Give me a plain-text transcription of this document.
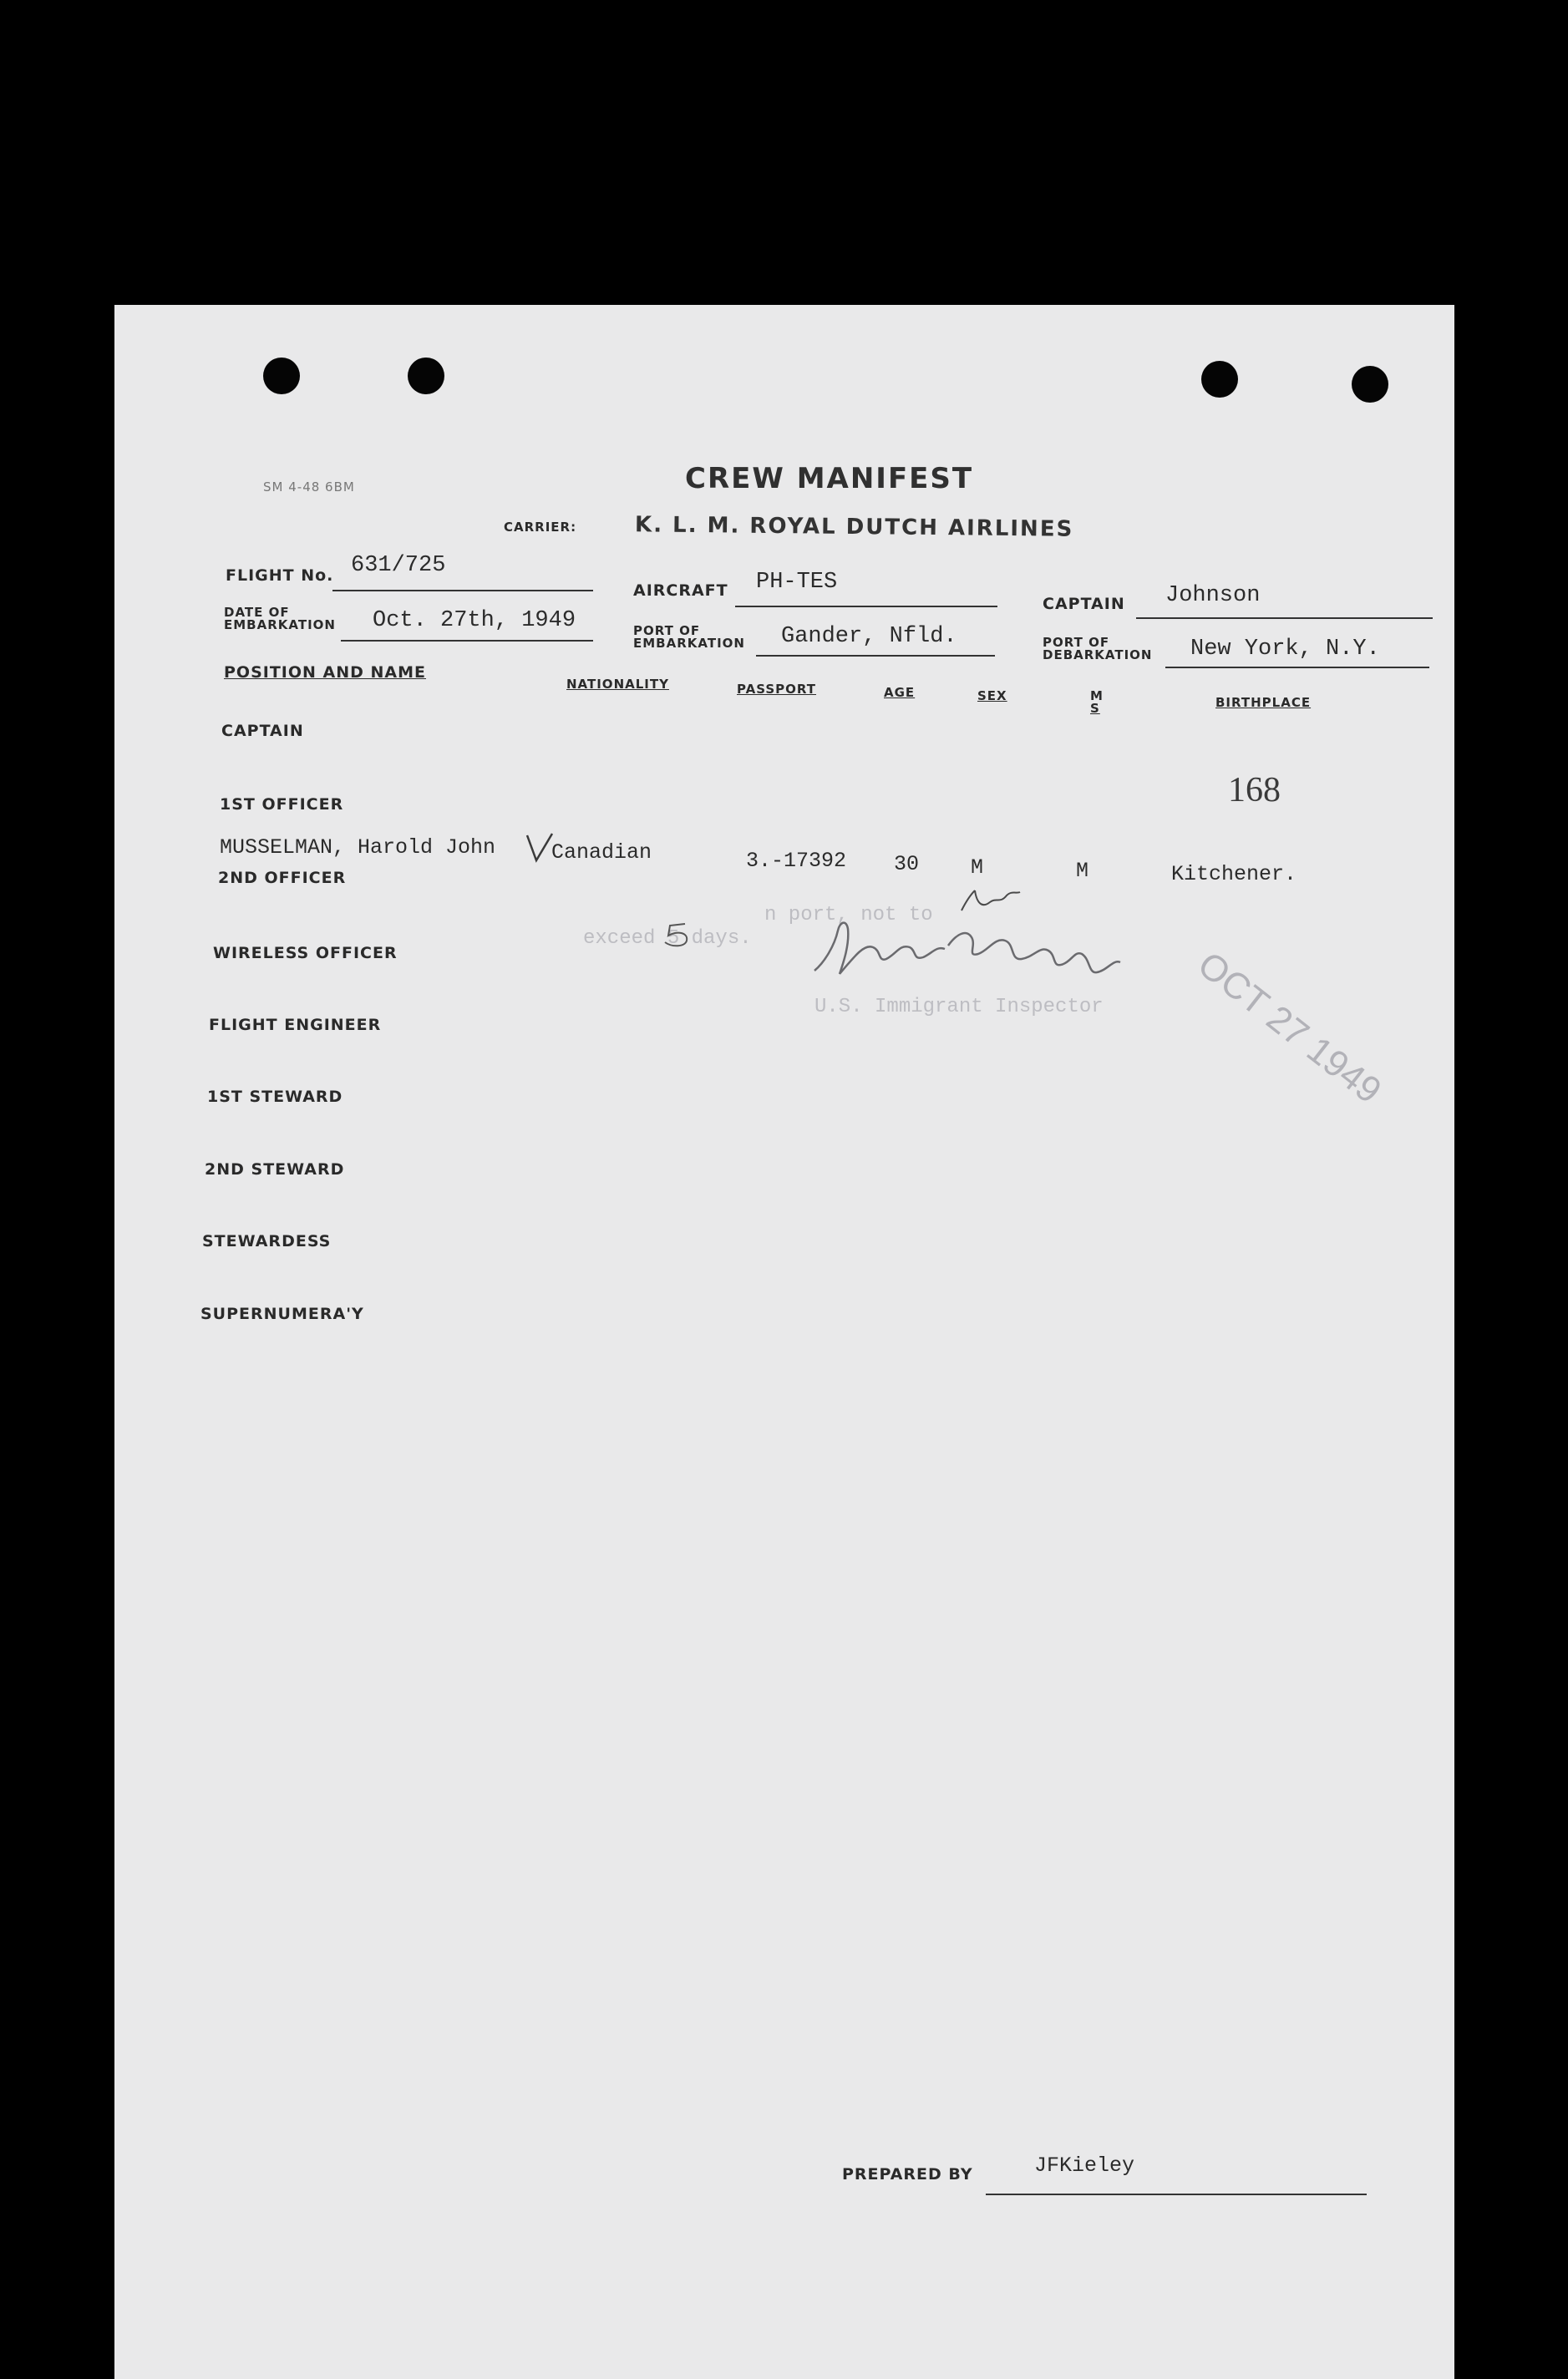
SM 4-48 6BM	CREW MANIFEST
CARRIER:	K. L. M. ROYAL DUTCH AIRLINES
FLIGHT No. 631/725
AIRCRAFT PH-TES
CAPTAIN Johnson
DATE OF
EMBARKATION Oct. 27th, 1949	PORT OF
EMBARKATION Gander, Nfld.	PORT OF
DEBARKATION New York, N.Y.
POSITION AND NAME
NATIONALITY	PASSPORT	AGE	SEX	M
S	BIRTHPLACE
CAPTAIN
1ST OFFICER
2ND OFFICER
WIRELESS OFFICER
FLIGHT ENGINEER
1ST STEWARD
2ND STEWARD
STEWARDESS
SUPERNUMERA'Y
168
MUSSELMAN, Harold John	Canadian	3.-17392 30 M	M	Kitchener.
n port, not to
exceed 5 days.
U.S. Immigrant Inspector OCT 27 1949
PREPARED BY	JFKieley
